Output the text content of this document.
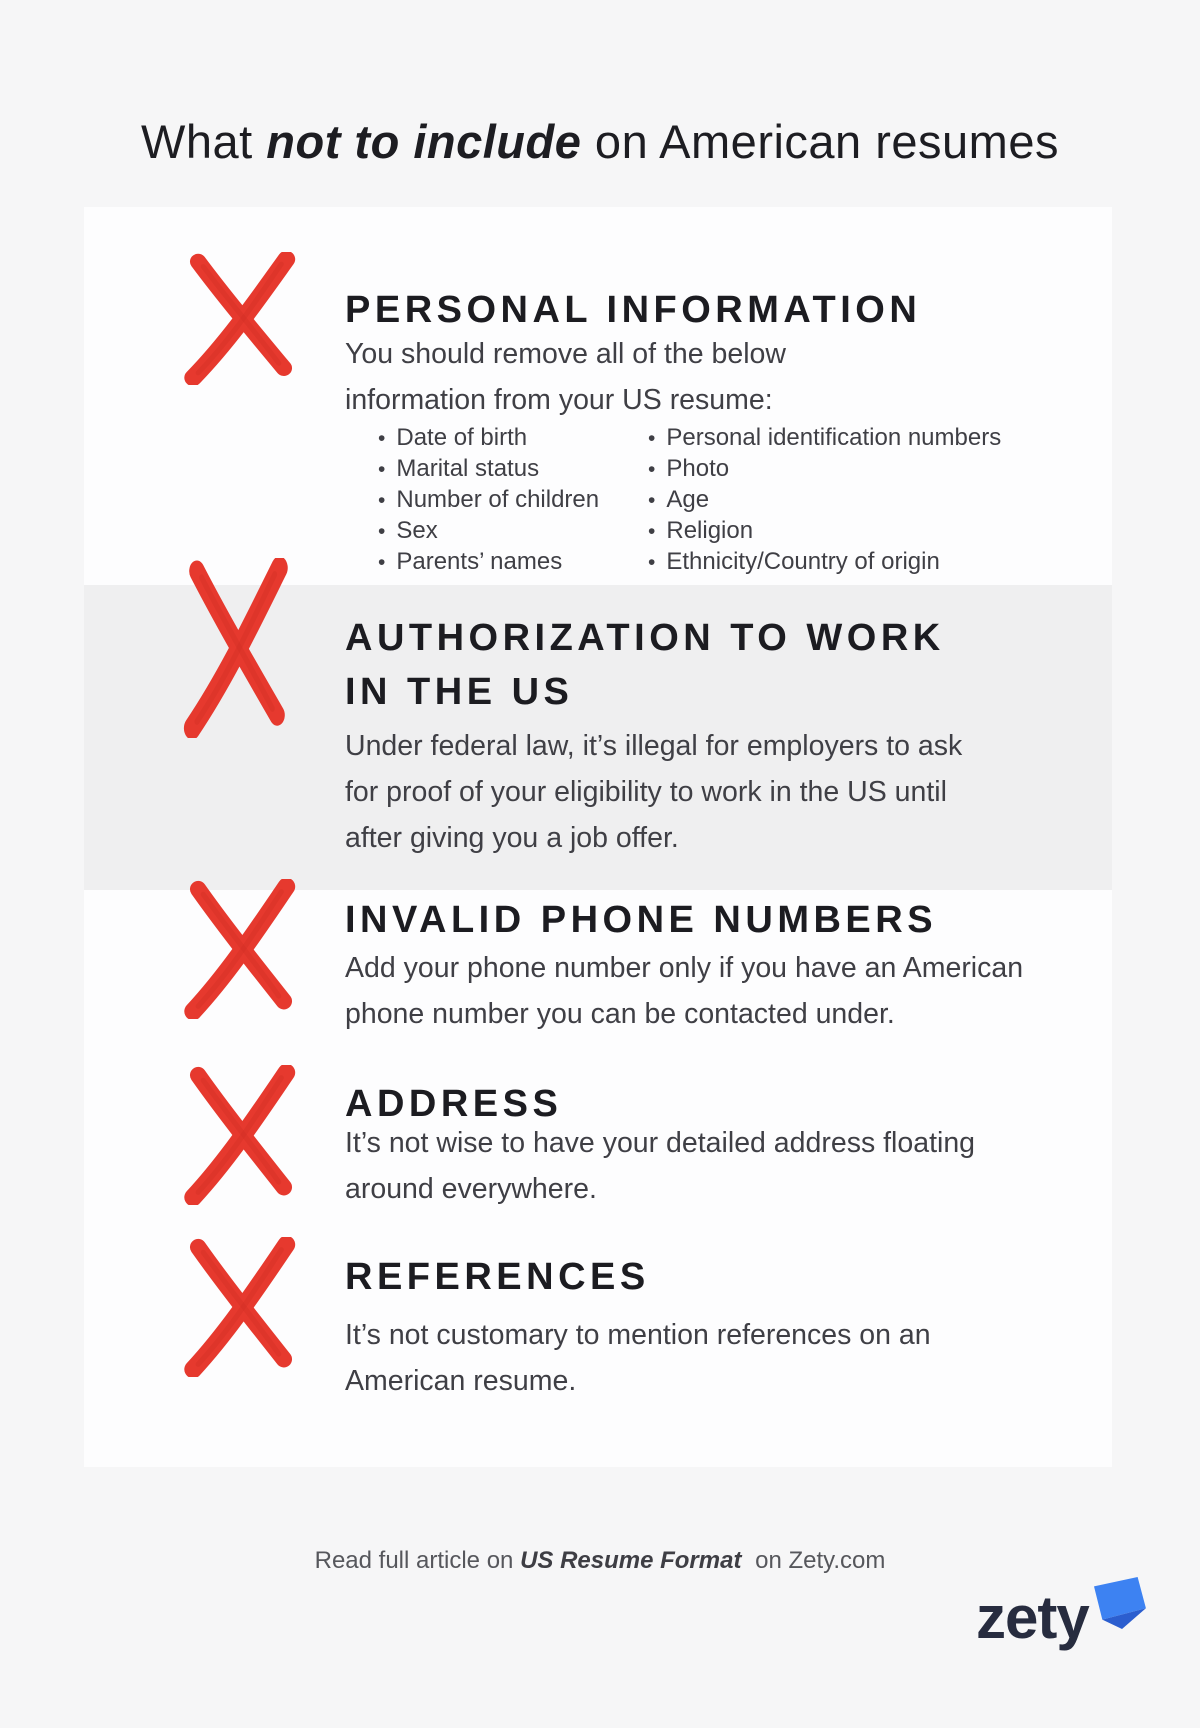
What not to include on American resumes
PERSONAL INFORMATION
You should remove all of the below
information from your US resume:
• Date of birth
• Marital status
• Number of children
• Sex
• Parents’ names
• Personal identification numbers
• Photo
• Age
• Religion
• Ethnicity/Country of origin
AUTHORIZATION TO WORK
IN THE US
Under federal law, it’s illegal for employers to ask
for proof of your eligibility to work in the US until
after giving you a job offer.
INVALID PHONE NUMBERS
Add your phone number only if you have an American
phone number you can be contacted under.
ADDRESS
It’s not wise to have your detailed address floating
around everywhere.
REFERENCES
It’s not customary to mention references on an
American resume.
Read full article on US Resume Format on Zety.com
zety
